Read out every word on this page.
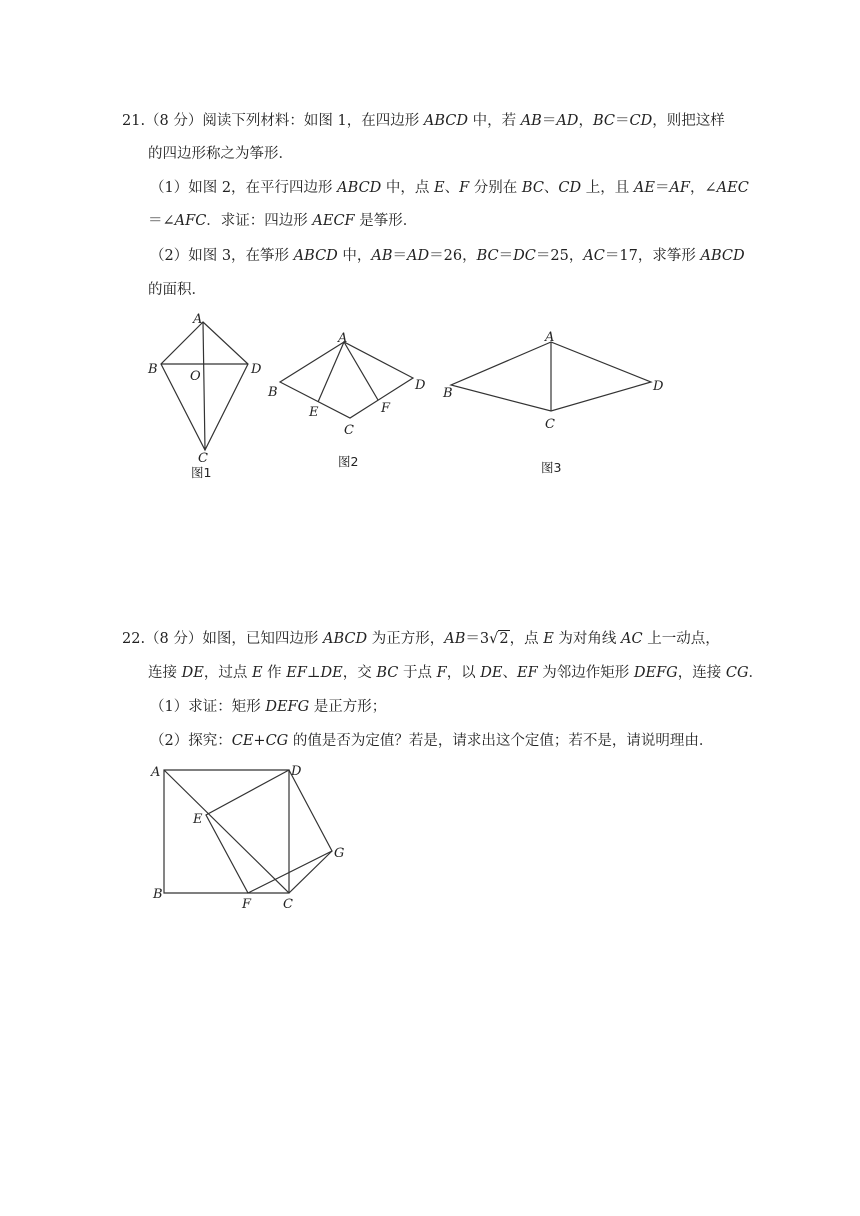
21.（8 分）阅读下列材料：如图 1，在四边形 ABCD 中，若 AB＝AD，BC＝CD，则把这样
的四边形称之为筝形．
（1）如图 2，在平行四边形 ABCD 中，点 E、F 分别在 BC、CD 上，且 AE＝AF，∠AEC
＝∠AFC．求证：四边形 AECF 是筝形．
（2）如图 3，在筝形 ABCD 中，AB＝AD＝26，BC＝DC＝25，AC＝17，求筝形 ABCD
的面积．
A
B O	D
C
图1
A
B
E
C
F
D
图2
A
B
C
D
图3
A	D
E
G
B
F C
22.（8 分）如图，已知四边形 ABCD 为正方形，AB＝3√2，点 E 为对角线 AC 上一动点，
连接 DE，过点 E 作 EF⊥DE，交 BC 于点 F，以 DE、EF 为邻边作矩形 DEFG，连接 CG．
（1）求证：矩形 DEFG 是正方形；
（2）探究：CE+CG 的值是否为定值？若是，请求出这个定值；若不是，请说明理由．
